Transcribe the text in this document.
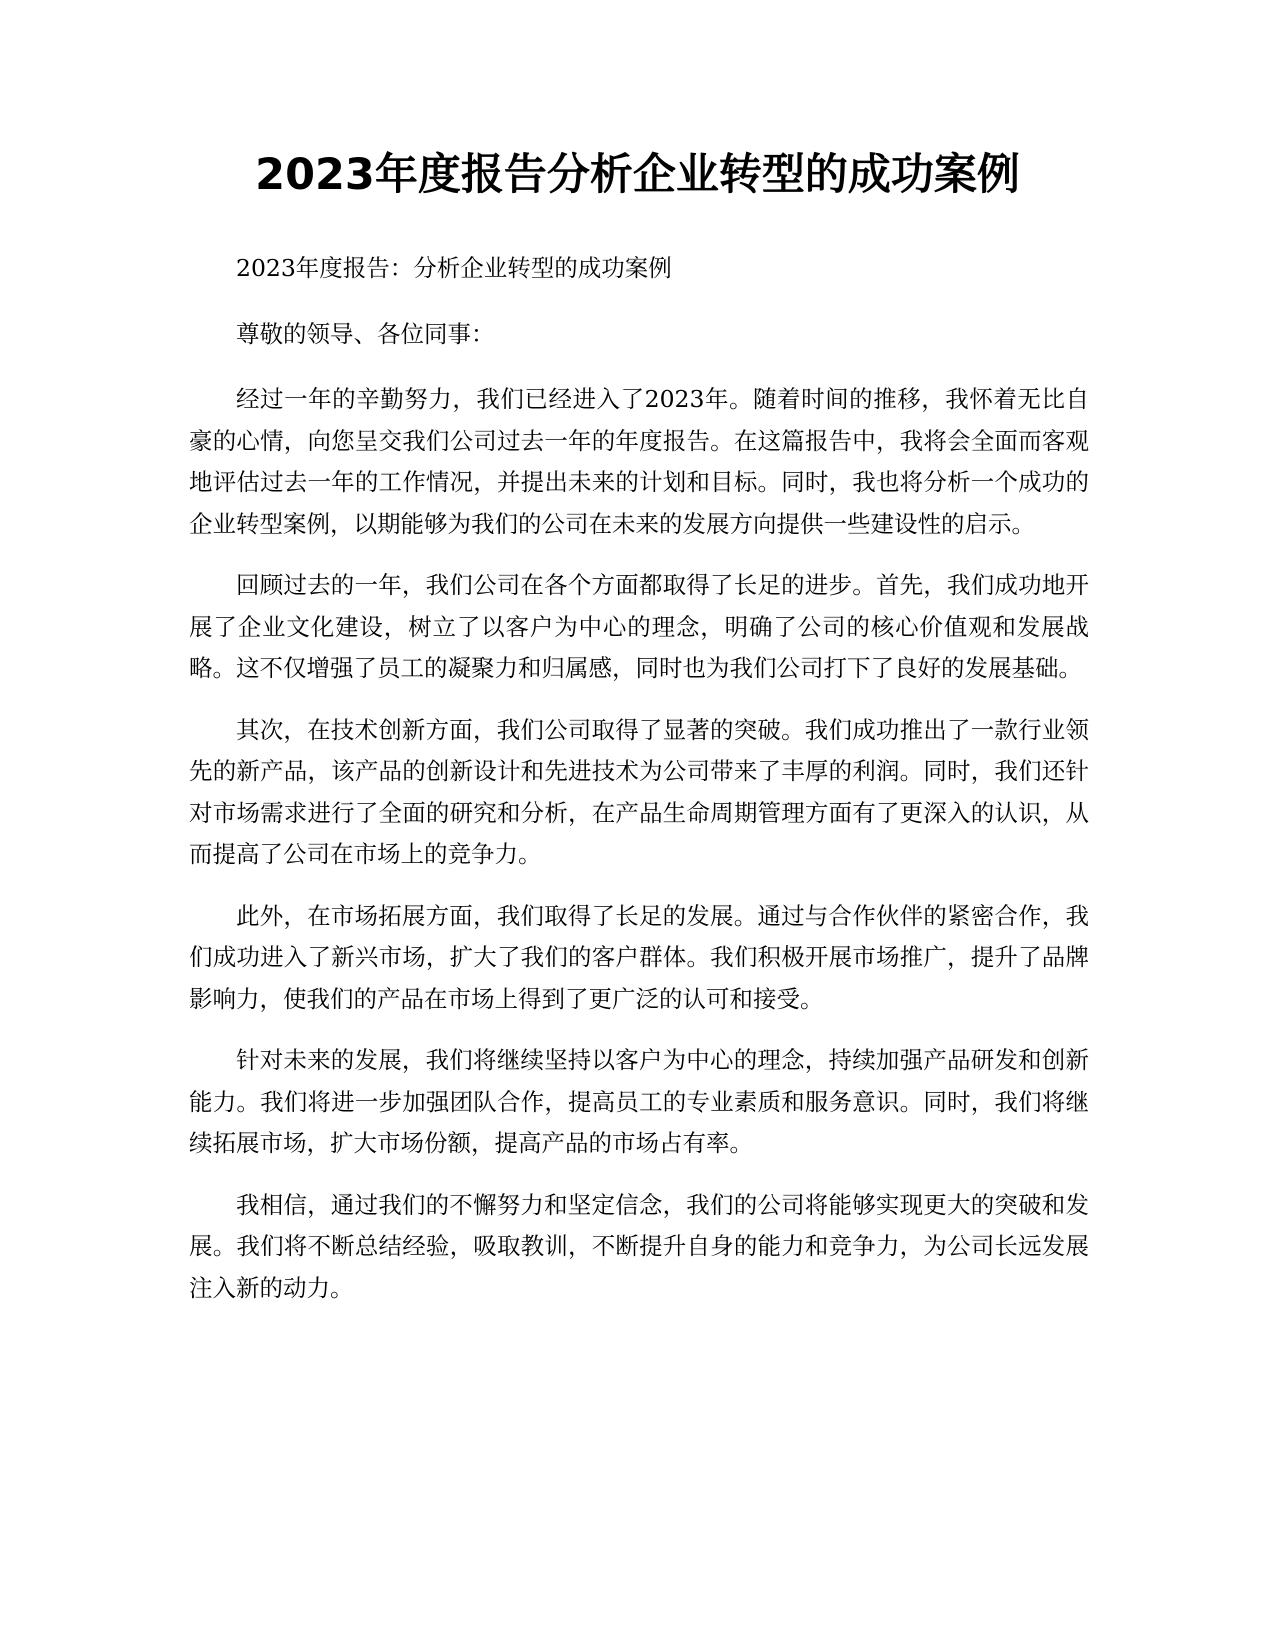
2023年度报告分析企业转型的成功案例

2023年度报告：分析企业转型的成功案例

尊敬的领导、各位同事：

经过一年的辛勤努力，我们已经进入了2023年。随着时间的推移，我怀着无比自豪的心情，向您呈交我们公司过去一年的年度报告。在这篇报告中，我将会全面而客观地评估过去一年的工作情况，并提出未来的计划和目标。同时，我也将分析一个成功的企业转型案例，以期能够为我们的公司在未来的发展方向提供一些建设性的启示。

回顾过去的一年，我们公司在各个方面都取得了长足的进步。首先，我们成功地开展了企业文化建设，树立了以客户为中心的理念，明确了公司的核心价值观和发展战略。这不仅增强了员工的凝聚力和归属感，同时也为我们公司打下了良好的发展基础。

其次，在技术创新方面，我们公司取得了显著的突破。我们成功推出了一款行业领先的新产品，该产品的创新设计和先进技术为公司带来了丰厚的利润。同时，我们还针对市场需求进行了全面的研究和分析，在产品生命周期管理方面有了更深入的认识，从而提高了公司在市场上的竞争力。

此外，在市场拓展方面，我们取得了长足的发展。通过与合作伙伴的紧密合作，我们成功进入了新兴市场，扩大了我们的客户群体。我们积极开展市场推广，提升了品牌影响力，使我们的产品在市场上得到了更广泛的认可和接受。

针对未来的发展，我们将继续坚持以客户为中心的理念，持续加强产品研发和创新能力。我们将进一步加强团队合作，提高员工的专业素质和服务意识。同时，我们将继续拓展市场，扩大市场份额，提高产品的市场占有率。

我相信，通过我们的不懈努力和坚定信念，我们的公司将能够实现更大的突破和发展。我们将不断总结经验，吸取教训，不断提升自身的能力和竞争力，为公司长远发展注入新的动力。
